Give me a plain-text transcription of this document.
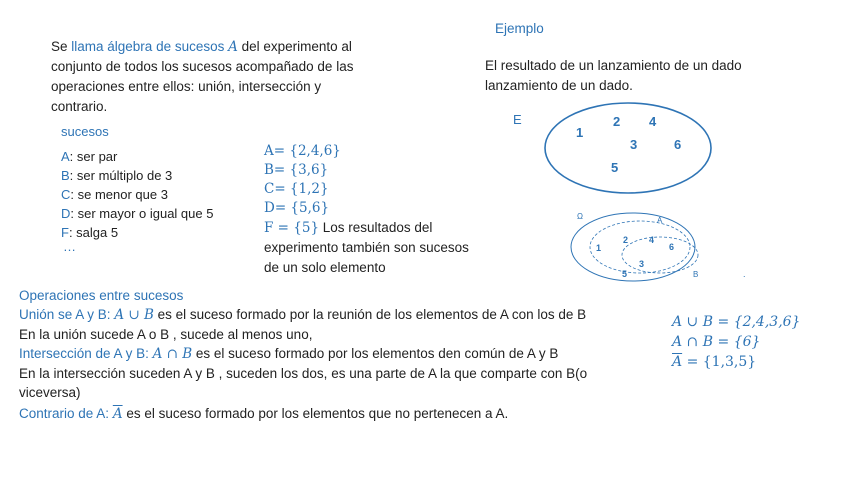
Se llama álgebra de sucesos A del experimento al
conjunto de todos los sucesos acompañado de las
operaciones entre ellos: unión, intersección y
contrario.
Ejemplo
El resultado de un lanzamiento de un dado
lanzamiento de un dado.
sucesos
A: ser par
B: ser múltiplo de 3
C: se menor que 3
D: ser mayor o igual que 5
F: salga 5
…
A= {2,4,6}
B= {3,6}
C= {1,2}
D= {5,6}
F = {5} Los resultados del
experimento también son sucesos
de un solo elemento
E
1
2 4
3	6
5
Ω	A
B
1
2 4
6
3
5	.
Operaciones entre sucesos
Unión se A y B: A ∪ B es el suceso formado por la reunión de los elementos de A con los de B
En la unión sucede A o B , sucede al menos uno,
Intersección de A y B: A ∩ B es el suceso formado por los elementos den común de A y B
En la intersección suceden A y B , suceden los dos, es una parte de A la que comparte con B(o
viceversa)
Contrario de A: $\overline{A}$ es el suceso formado por los elementos que no pertenecen a A.
A ∪ B = {2,4,3,6}
A ∩ B = {6}
$\overline{A} = \{1,3,5\}$
